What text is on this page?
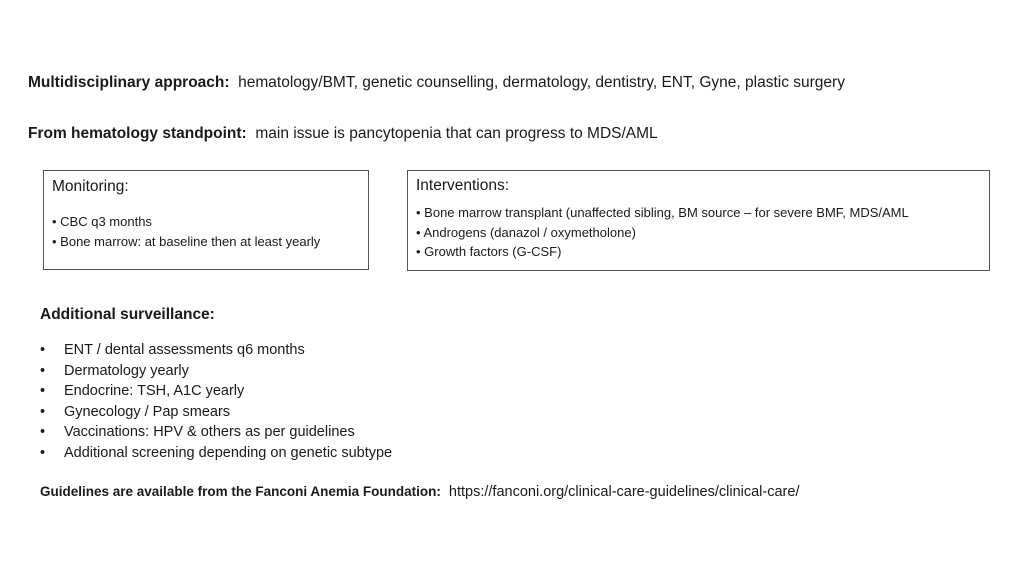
Multidisciplinary approach: hematology/BMT, genetic counselling, dermatology, dentistry, ENT, Gyne, plastic surgery
From hematology standpoint: main issue is pancytopenia that can progress to MDS/AML
Monitoring:
• CBC q3 months
• Bone marrow: at baseline then at least yearly
Interventions:
• Bone marrow transplant (unaffected sibling, BM source – for severe BMF, MDS/AML
• Androgens (danazol / oxymetholone)
• Growth factors (G-CSF)
Additional surveillance:
• ENT / dental assessments q6 months
• Dermatology yearly
• Endocrine: TSH, A1C yearly
• Gynecology / Pap smears
• Vaccinations: HPV & others as per guidelines
• Additional screening depending on genetic subtype
Guidelines are available from the Fanconi Anemia Foundation: https://fanconi.org/clinical-care-guidelines/clinical-care/
